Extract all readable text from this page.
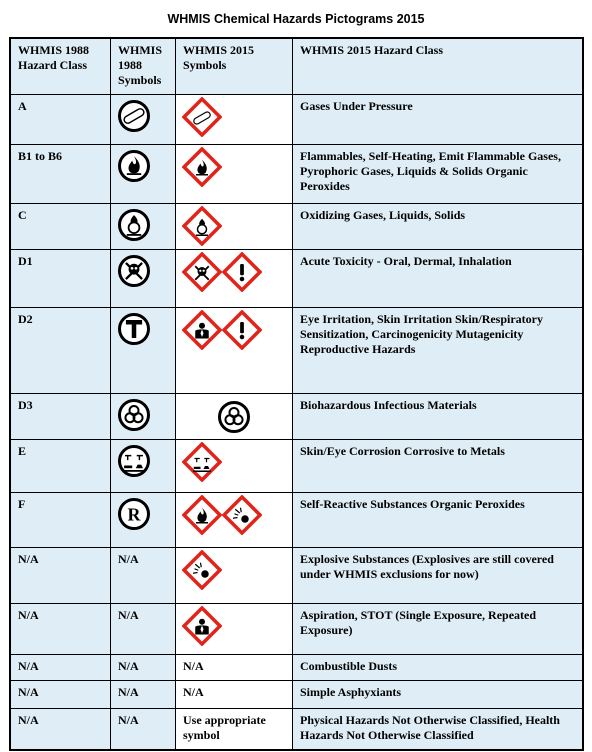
WHMIS Chemical Hazards Pictograms 2015
WHMIS 1988 Hazard Class	WHMIS 1988 Symbols	WHMIS 2015 Symbols	WHMIS 2015 Hazard Class
A			Gases Under Pressure
B1 to B6			Flammables, Self-Heating, Emit Flammable Gases, Pyrophoric Gases, Liquids & Solids Organic Peroxides
C			Oxidizing Gases, Liquids, Solids
D1			Acute Toxicity - Oral, Dermal, Inhalation
D2			Eye Irritation, Skin Irritation Skin/Respiratory Sensitization, Carcinogenicity Mutagenicity Reproductive Hazards
D3			Biohazardous Infectious Materials
E			Skin/Eye Corrosion Corrosive to Metals
F	R		Self-Reactive Substances Organic Peroxides
N/A	N/A		Explosive Substances (Explosives are still covered under WHMIS exclusions for now)
N/A	N/A		Aspiration, STOT (Single Exposure, Repeated Exposure)
N/A	N/A	N/A	Combustible Dusts
N/A	N/A	N/A	Simple Asphyxiants
N/A	N/A	Use appropriate symbol	Physical Hazards Not Otherwise Classified, Health Hazards Not Otherwise Classified
